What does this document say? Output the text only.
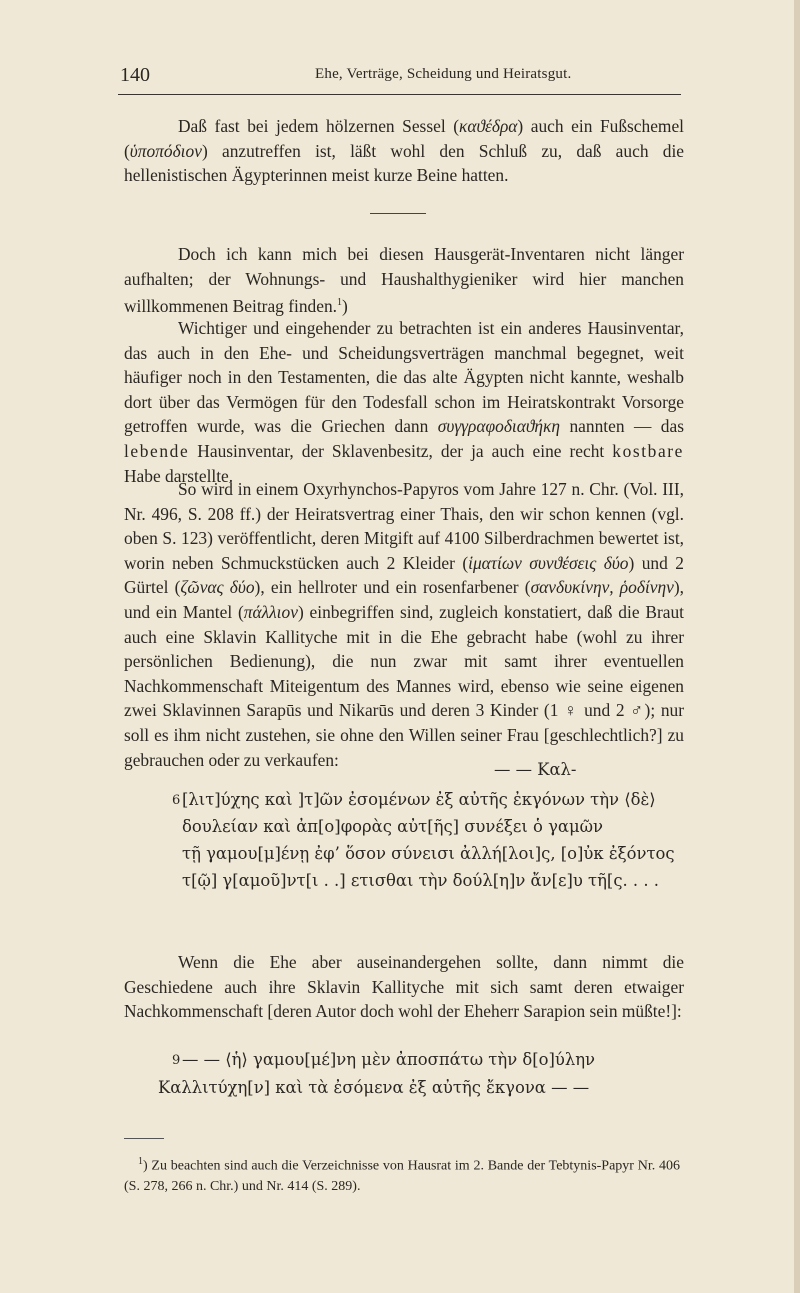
140	Ehe, Verträge, Scheidung und Heiratsgut.

Daß fast bei jedem hölzernen Sessel (καϑέδρα) auch ein Fußschemel (ὑποπόδιον) anzutreffen ist, läßt wohl den Schluß zu, daß auch die hellenistischen Ägypterinnen meist kurze Beine hatten.

Doch ich kann mich bei diesen Hausgerät-Inventaren nicht länger aufhalten; der Wohnungs- und Haushalthygieniker wird hier manchen willkommenen Beitrag finden.$^1$)

Wichtiger und eingehender zu betrachten ist ein anderes Hausinventar, das auch in den Ehe- und Scheidungsverträgen manchmal begegnet, weit häufiger noch in den Testamenten, die das alte Ägypten nicht kannte, weshalb dort über das Vermögen für den Todesfall schon im Heiratskontrakt Vorsorge getroffen wurde, was die Griechen dann συγγραφοδιαϑήκη nannten — das lebende Hausinventar, der Sklavenbesitz, der ja auch eine recht kostbare Habe darstellte.

So wird in einem Oxyrhynchos-Papyros vom Jahre 127 n. Chr. (Vol. III, Nr. 496, S. 208 ff.) der Heiratsvertrag einer Thais, den wir schon kennen (vgl. oben S. 123) veröffentlicht, deren Mitgift auf 4100 Silberdrachmen bewertet ist, worin neben Schmuckstücken auch 2 Kleider (ἱματίων συνϑέσεις δύο) und 2 Gürtel (ζῶνας δύο), ein hellroter und ein rosenfarbener (σανδυκίνην, ῥοδίνην), und ein Mantel (πάλλιον) einbegriffen sind, zugleich konstatiert, daß die Braut auch eine Sklavin Kallityche mit in die Ehe gebracht habe (wohl zu ihrer persönlichen Bedienung), die nun zwar mit samt ihrer eventuellen Nachkommenschaft Miteigentum des Mannes wird, ebenso wie seine eigenen zwei Sklavinnen Sarapūs und Nikarūs und deren 3 Kinder (1 ♀ und 2 ♂); nur soll es ihm nicht zustehen, sie ohne den Willen seiner Frau [geschlechtlich?] zu gebrauchen oder zu verkaufen:	— — Καλ-
6 [λιτ]ύχης καὶ ]τ]ῶν ἐσομένων ἐξ αὐτῆς ἐκγόνων τὴν ⟨δὲ⟩
δουλείαν καὶ ἀπ[ο]φορὰς αὐτ[ῆς] συνέξει ὁ γαμῶν
τῇ γαμου[μ]ένῃ ἐφ’ ὅσον σύνεισι ἀλλή[λοι]ς, [ο]ὐκ ἐξόντος
τ[ῷ] γ[αμοῦ]ντ[ι . .] ετισθαι τὴν δούλ[η]ν ἄν[ε]υ τῆ[ς. . . .

Wenn die Ehe aber auseinandergehen sollte, dann nimmt die Geschiedene auch ihre Sklavin Kallityche mit sich samt deren etwaiger Nachkommenschaft [deren Autor doch wohl der Eheherr Sarapion sein müßte!]:

9 — — ⟨ἡ⟩ γαμου[μέ]νη μὲν ἀποσπάτω τὴν δ[ο]ύλην
Καλλιτύχη[ν] καὶ τὰ ἐσόμενα ἐξ αὐτῆς ἔκγονα — —

$^1$) Zu beachten sind auch die Verzeichnisse von Hausrat im 2. Bande der Tebtynis-Papyr Nr. 406 (S. 278, 266 n. Chr.) und Nr. 414 (S. 289).
